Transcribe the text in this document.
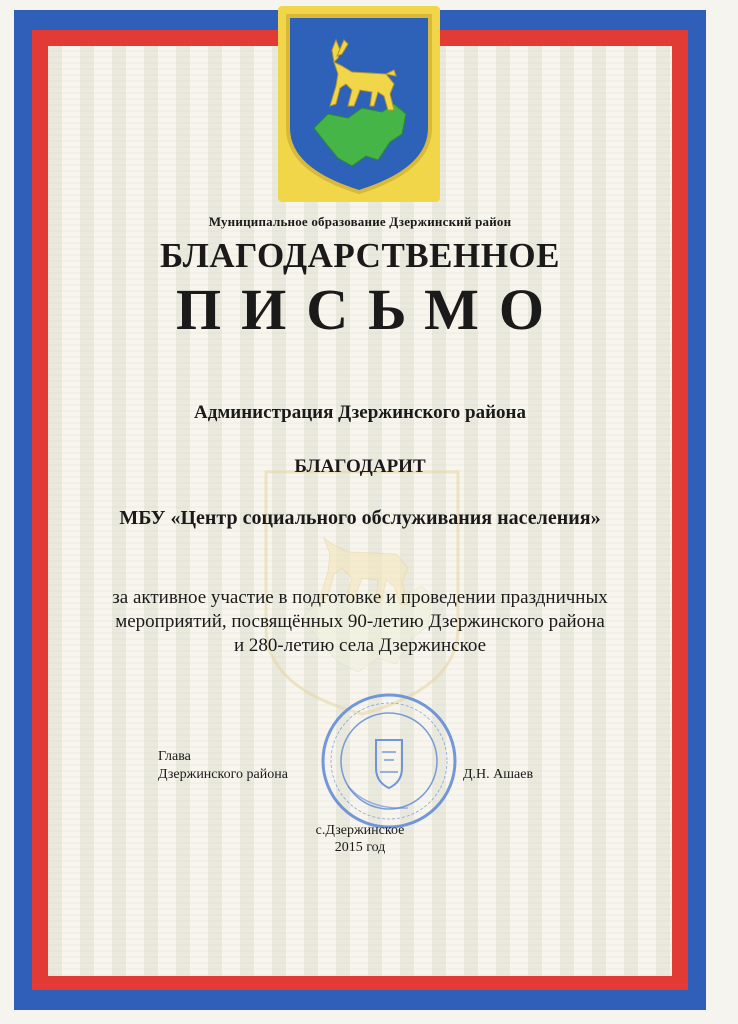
Муниципальное образование Дзержинский район
БЛАГОДАРСТВЕННОЕ
ПИСЬМО
Администрация Дзержинского района
БЛАГОДАРИТ
МБУ «Центр социального обслуживания населения»
за активное участие в подготовке и проведении праздничных мероприятий, посвящённых 90-летию Дзержинского района и 280-летию села Дзержинское
Глава
Дзержинского района	Д.Н. Ашаев
с.Дзержинское
2015 год
